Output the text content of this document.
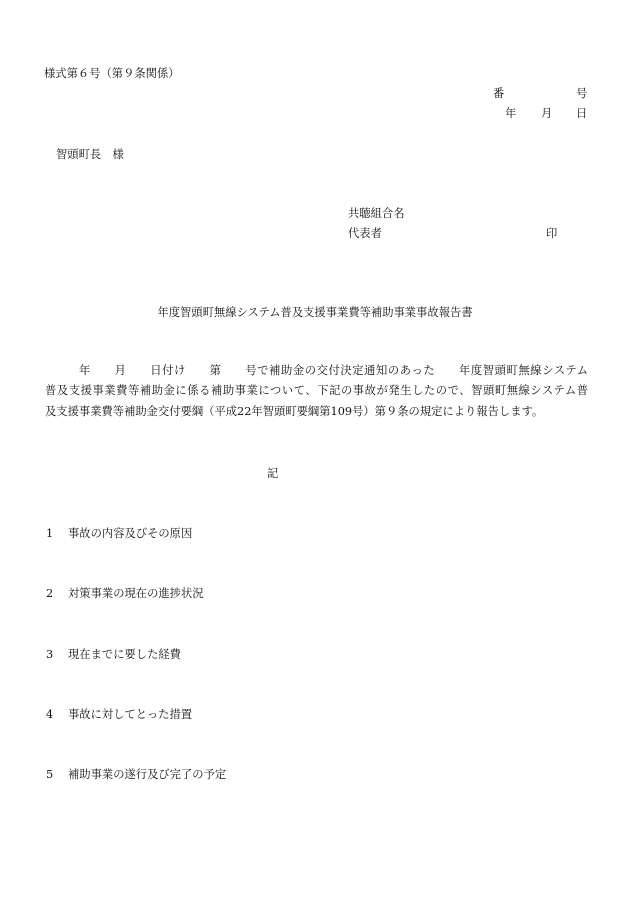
様式第６号（第９条関係）
番	号
年 月 日
智頭町長　様
共聴組合名
代表者	印
年度智頭町無線システム普及支援事業費等補助事業事故報告書
年　　月　　日付け　　第　　号で補助金の交付決定通知のあった　　年度智頭町無線システム
普及支援事業費等補助金に係る補助事業について、下記の事故が発生したので、智頭町無線システム普
及支援事業費等補助金交付要綱（平成22年智頭町要綱第109号）第９条の規定により報告します。
記
1 事故の内容及びその原因
2 対策事業の現在の進捗状況
3 現在までに要した経費
4 事故に対してとった措置
5 補助事業の遂行及び完了の予定
